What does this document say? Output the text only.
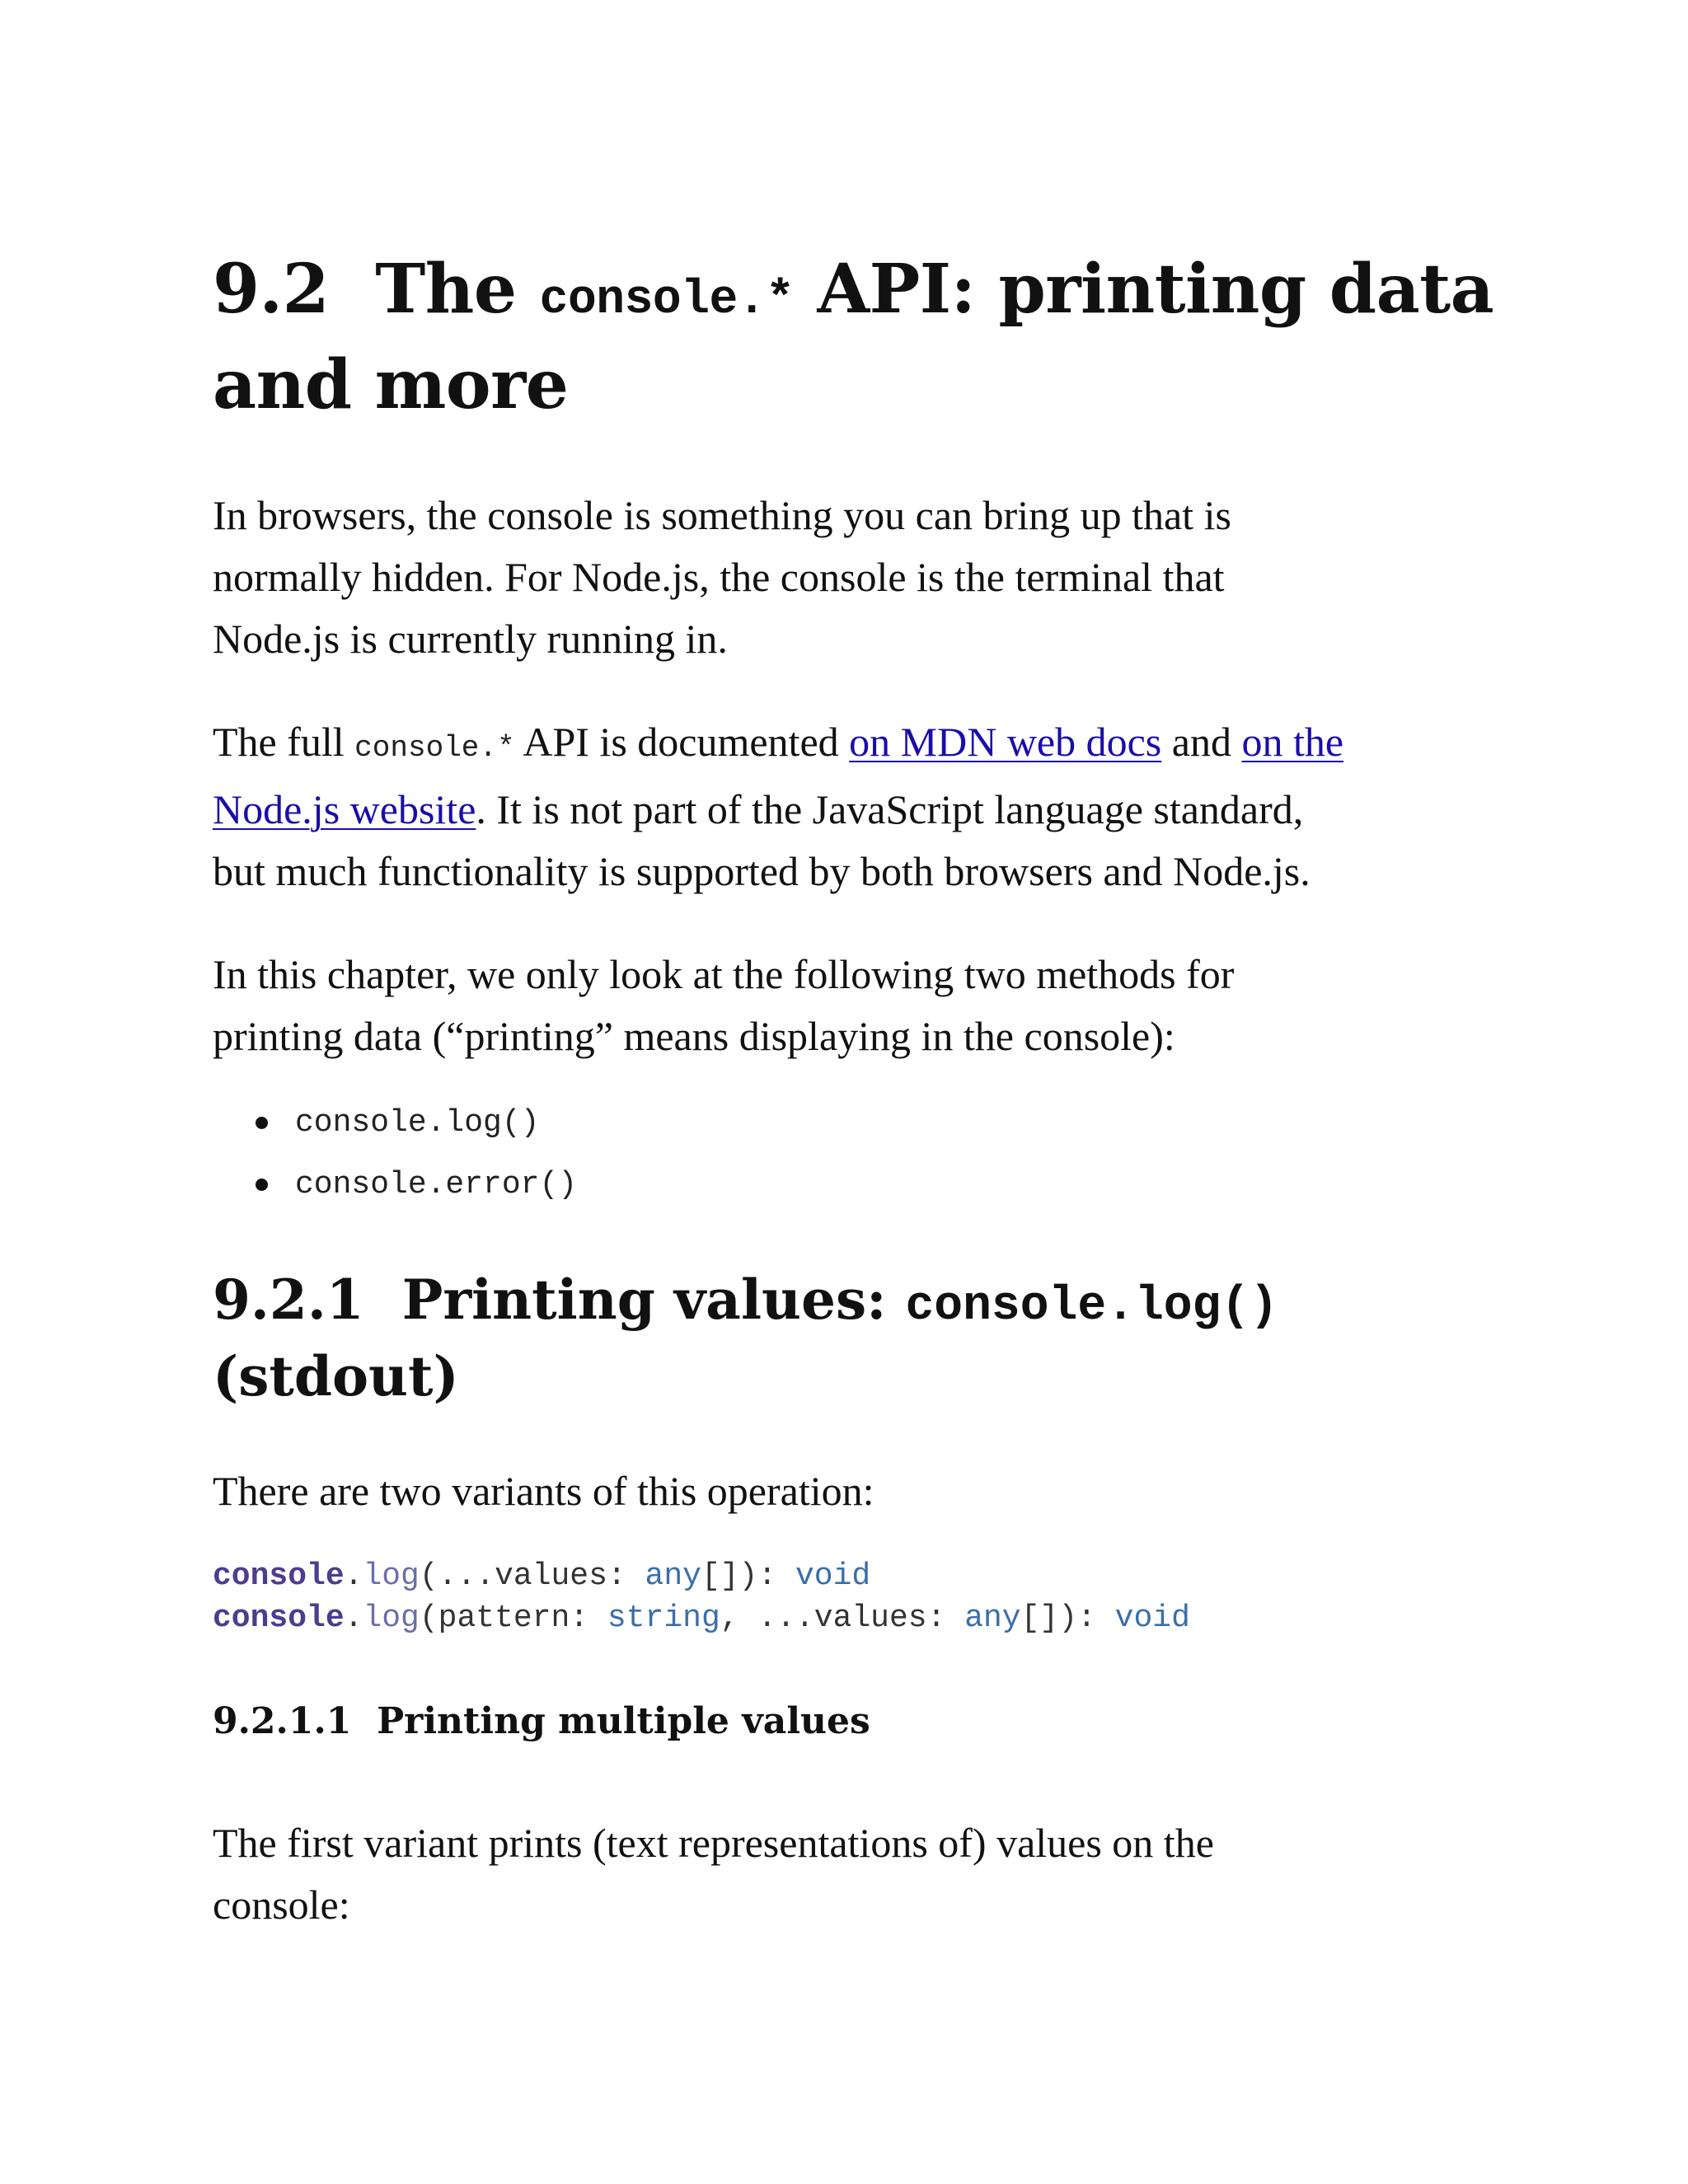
9.2 The console.* API: printing data
and more

In browsers, the console is something you can bring up that is
normally hidden. For Node.js, the console is the terminal that
Node.js is currently running in.

The full console.* API is documented on MDN web docs and on the
Node.js website. It is not part of the JavaScript language standard,
but much functionality is supported by both browsers and Node.js.

In this chapter, we only look at the following two methods for
printing data (“printing” means displaying in the console):

console.log()
console.error()
9.2.1 Printing values: console.log()
(stdout)

There are two variants of this operation:

console.log(...values: any[]): void
console.log(pattern: string, ...values: any[]): void
9.2.1.1 Printing multiple values

The first variant prints (text representations of) values on the
console:
